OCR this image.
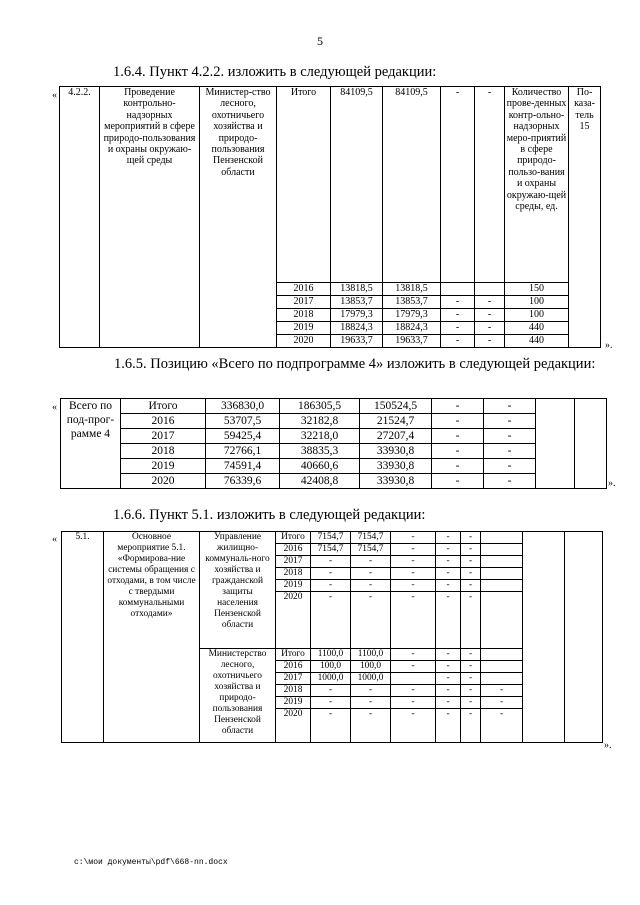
5
1.6.4. Пункт 4.2.2. изложить в следующей редакции:
« 4.2.2.	Проведение контрольно-надзорных мероприятий в сфере природо-пользования и охраны окружаю-щей среды	Министер-ство лесного, охотничьего хозяйства и природо-пользования Пензенской области	Итого	84109,5	84109,5	-	-	Количество прове-денных контр-ольно-надзорных меро-приятий в сфере природо-пользо-вания и охраны окружаю-щей среды, ед.	По-каза-тель 15
			2016	13818,5	13818,5			150	
			2017	13853,7	13853,7	-	-	100	
			2018	17979,3	17979,3	-	-	100	
			2019	18824,3	18824,3	-	-	440	
			2020	19633,7	19633,7	-	-	440		».
1.6.5. Позицию «Всего по подпрограмме 4» изложить в следующей редакции:
« Всего по под-прог-рамме 4	Итого	336830,0	186305,5	150524,5	-	-		
	2016	53707,5	32182,8	21524,7	-	-		
	2017	59425,4	32218,0	27207,4	-	-		
	2018	72766,1	38835,3	33930,8	-	-		
	2019	74591,4	40660,6	33930,8	-	-		
	2020	76339,6	42408,8	33930,8	-	-			».
1.6.6. Пункт 5.1. изложить в следующей редакции:
« 5.1.	Основное мероприятие 5.1. «Формирова-ние системы обращения с отходами, в том числе с твердыми коммунальными отходами»	Управление жилищно-коммуналь-ного хозяйства и гражданской защиты населения Пензенской области	Итого	7154,7	7154,7	-	-	-			
			2016	7154,7	7154,7	-	-	-			
			2017	-	-	-	-	-			
			2018	-	-	-	-	-			
			2019	-	-	-	-	-			
			2020	-	-	-	-	-			
		Министерство лесного, охотничьего хозяйства и природо-пользования Пензенской области	Итого	1100,0	1100,0	-	-	-			
			2016	100,0	100,0	-	-	-			
			2017	1000,0	1000,0		-	-			
			2018	-	-	-	-	-	-		
			2019	-	-	-	-	-	-		
			2020	-	-	-	-	-	-		
».
c:\мои документы\pdf\668-nn.docx
